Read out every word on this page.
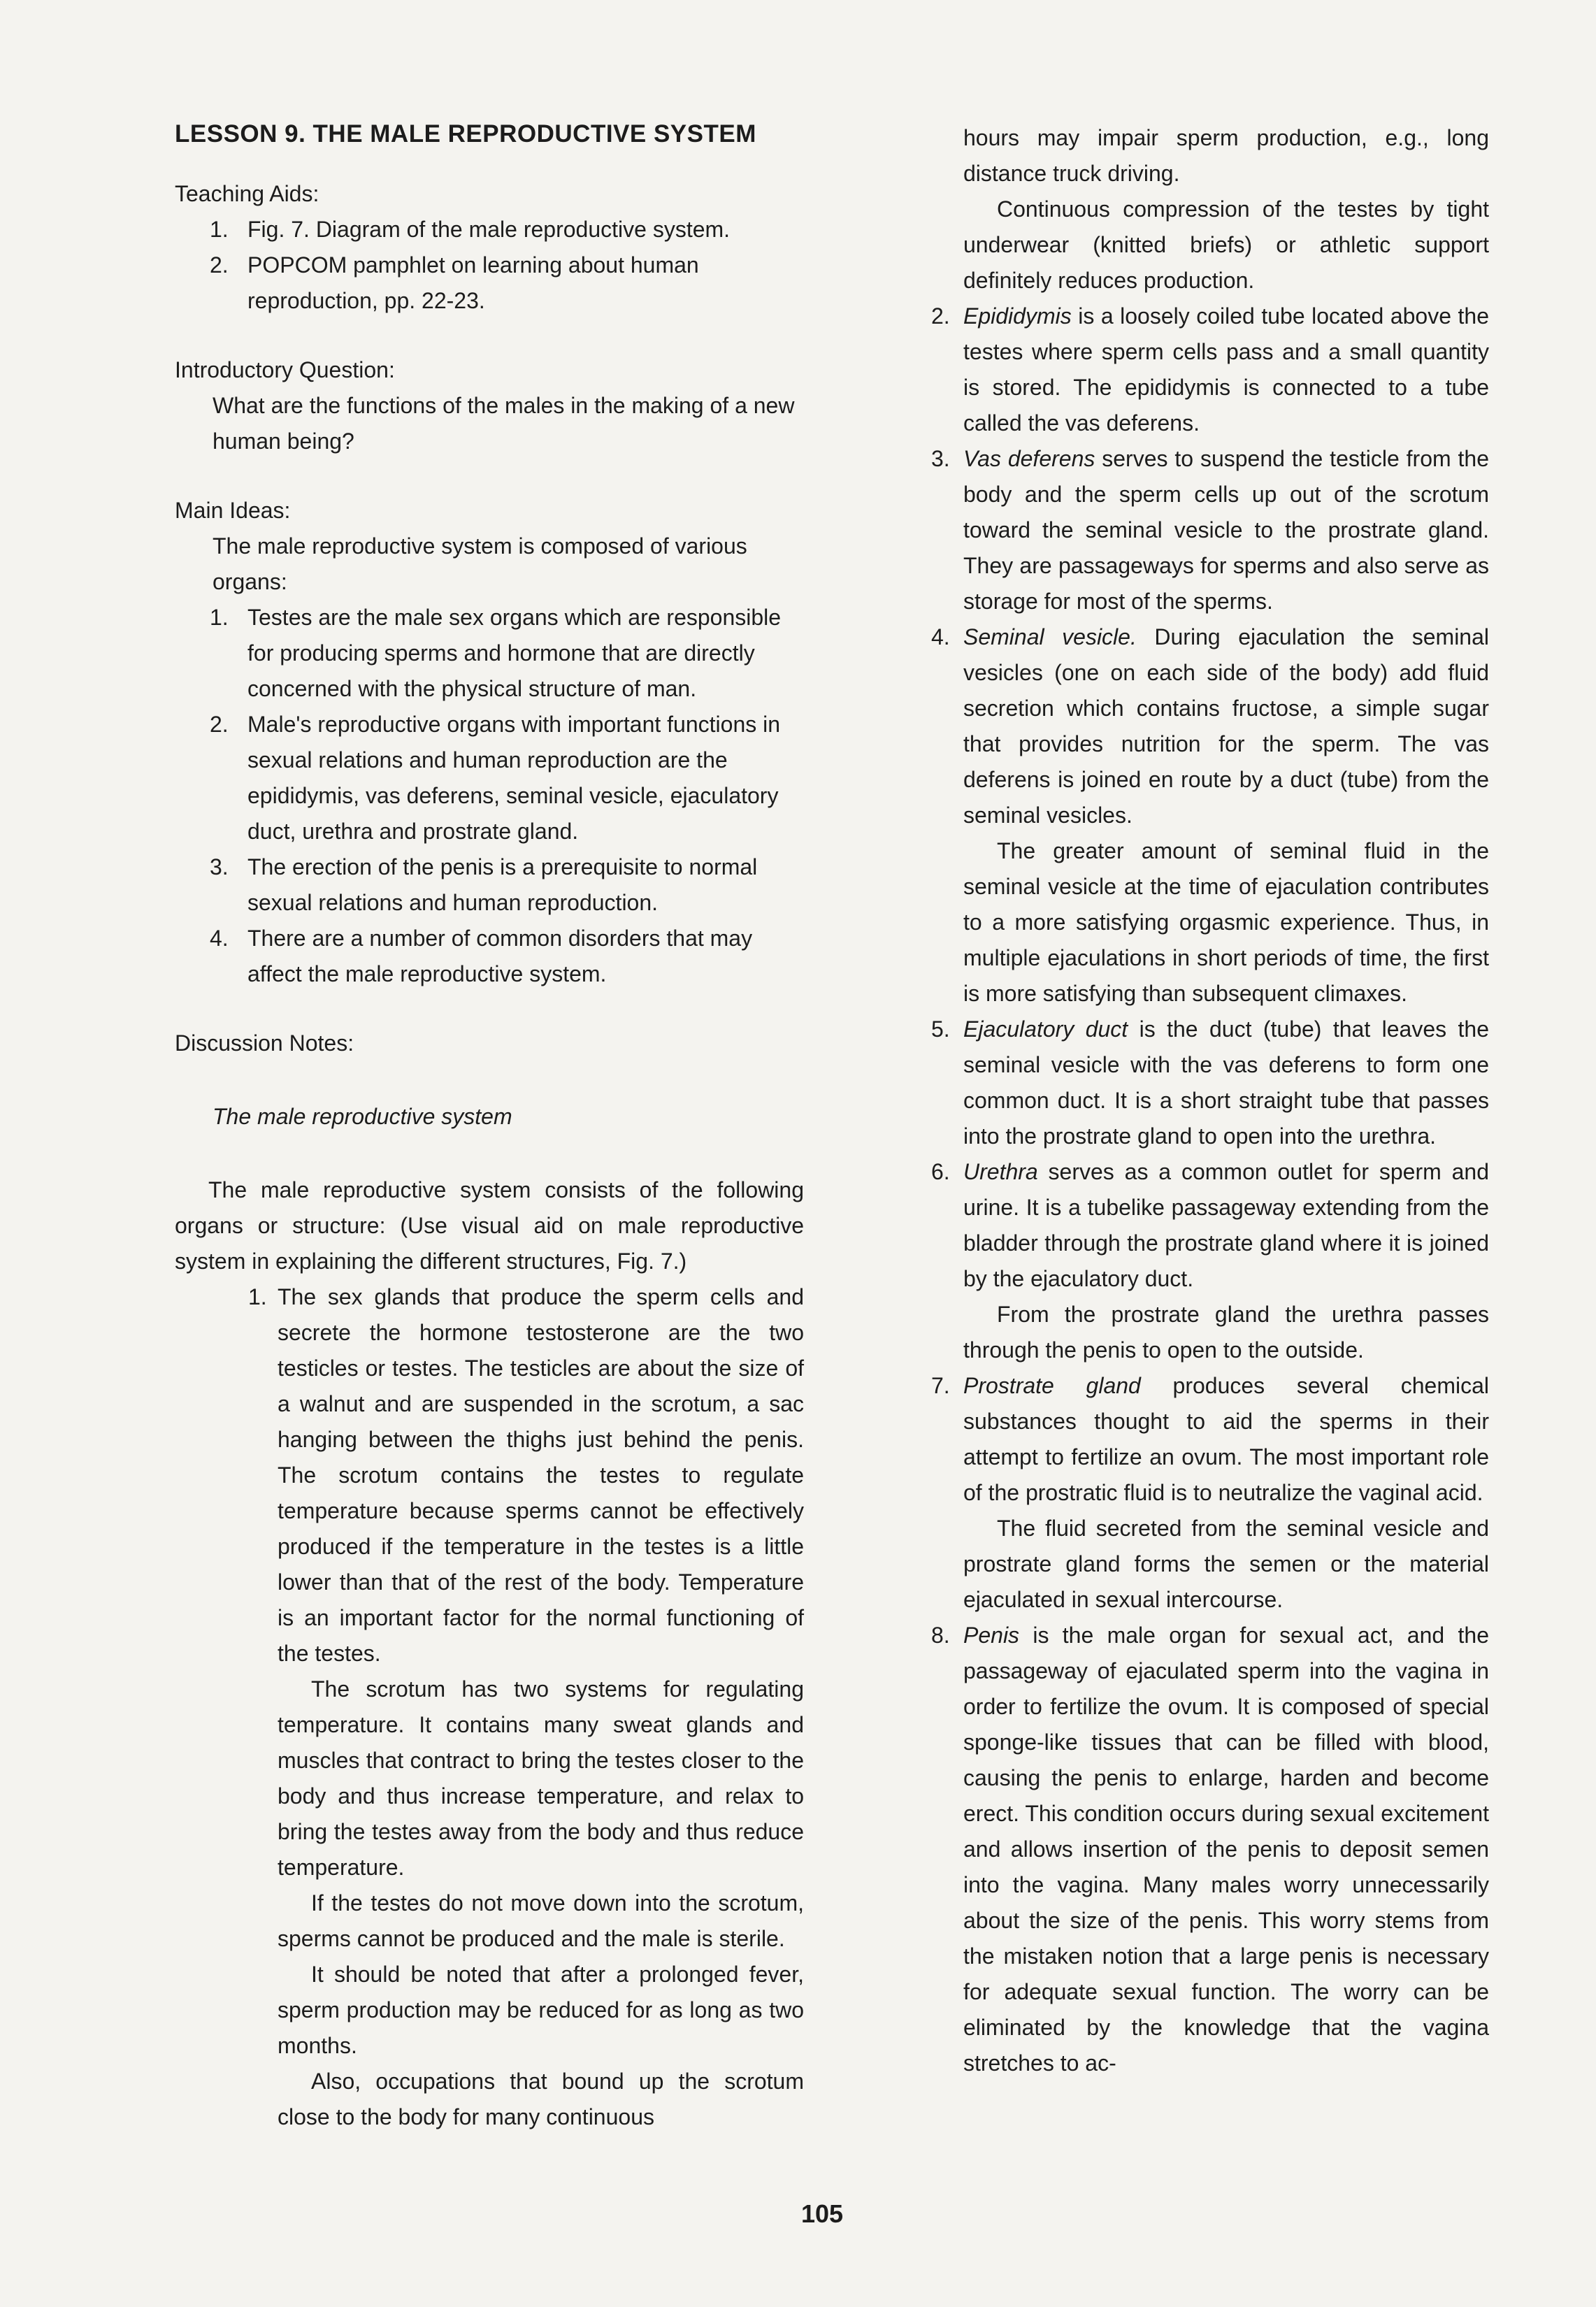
LESSON 9. THE MALE REPRODUCTIVE SYSTEM

Teaching Aids:

1. Fig. 7. Diagram of the male reproductive system.
2. POPCOM pamphlet on learning about human reproduction, pp. 22-23.

Introductory Question:

What are the functions of the males in the making of a new human being?

Main Ideas:

The male reproductive system is composed of various organs:

1. Testes are the male sex organs which are responsible for producing sperms and hormone that are directly concerned with the physical structure of man.
2. Male's reproductive organs with important functions in sexual relations and human reproduction are the epididymis, vas deferens, seminal vesicle, ejaculatory duct, urethra and prostrate gland.
3. The erection of the penis is a prerequisite to normal sexual relations and human reproduction.
4. There are a number of common disorders that may affect the male reproductive system.

Discussion Notes:

The male reproductive system

The male reproductive system consists of the following organs or structure: (Use visual aid on male reproductive system in explaining the different structures, Fig. 7.)

1. The sex glands that produce the sperm cells and secrete the hormone testosterone are the two testicles or testes. The testicles are about the size of a walnut and are suspended in the scrotum, a sac hanging between the thighs just behind the penis. The scrotum contains the testes to regulate temperature because sperms cannot be effectively produced if the temperature in the testes is a little lower than that of the rest of the body. Temperature is an important factor for the normal functioning of the testes.

The scrotum has two systems for regulating temperature. It contains many sweat glands and muscles that contract to bring the testes closer to the body and thus increase temperature, and relax to bring the testes away from the body and thus reduce temperature.

If the testes do not move down into the scrotum, sperms cannot be produced and the male is sterile.

It should be noted that after a prolonged fever, sperm production may be reduced for as long as two months.

Also, occupations that bound up the scrotum close to the body for many continuous

hours may impair sperm production, e.g., long distance truck driving.

Continuous compression of the testes by tight underwear (knitted briefs) or athletic support definitely reduces production.

2. Epididymis is a loosely coiled tube located above the testes where sperm cells pass and a small quantity is stored. The epididymis is connected to a tube called the vas deferens.
3. Vas deferens serves to suspend the testicle from the body and the sperm cells up out of the scrotum toward the seminal vesicle to the prostrate gland. They are passageways for sperms and also serve as storage for most of the sperms.
4. Seminal vesicle. During ejaculation the seminal vesicles (one on each side of the body) add fluid secretion which contains fructose, a simple sugar that provides nutrition for the sperm. The vas deferens is joined en route by a duct (tube) from the seminal vesicles.

The greater amount of seminal fluid in the seminal vesicle at the time of ejaculation contributes to a more satisfying orgasmic experience. Thus, in multiple ejaculations in short periods of time, the first is more satisfying than subsequent climaxes.

5. Ejaculatory duct is the duct (tube) that leaves the seminal vesicle with the vas deferens to form one common duct. It is a short straight tube that passes into the prostrate gland to open into the urethra.
6. Urethra serves as a common outlet for sperm and urine. It is a tubelike passageway extending from the bladder through the prostrate gland where it is joined by the ejaculatory duct.

From the prostrate gland the urethra passes through the penis to open to the outside.

7. Prostrate gland produces several chemical substances thought to aid the sperms in their attempt to fertilize an ovum. The most important role of the prostratic fluid is to neutralize the vaginal acid.

The fluid secreted from the seminal vesicle and prostrate gland forms the semen or the material ejaculated in sexual intercourse.

8. Penis is the male organ for sexual act, and the passageway of ejaculated sperm into the vagina in order to fertilize the ovum. It is composed of special sponge-like tissues that can be filled with blood, causing the penis to enlarge, harden and become erect. This condition occurs during sexual excitement and allows insertion of the penis to deposit semen into the vagina. Many males worry unnecessarily about the size of the penis. This worry stems from the mistaken notion that a large penis is necessary for adequate sexual function. The worry can be eliminated by the knowledge that the vagina stretches to ac-
105
